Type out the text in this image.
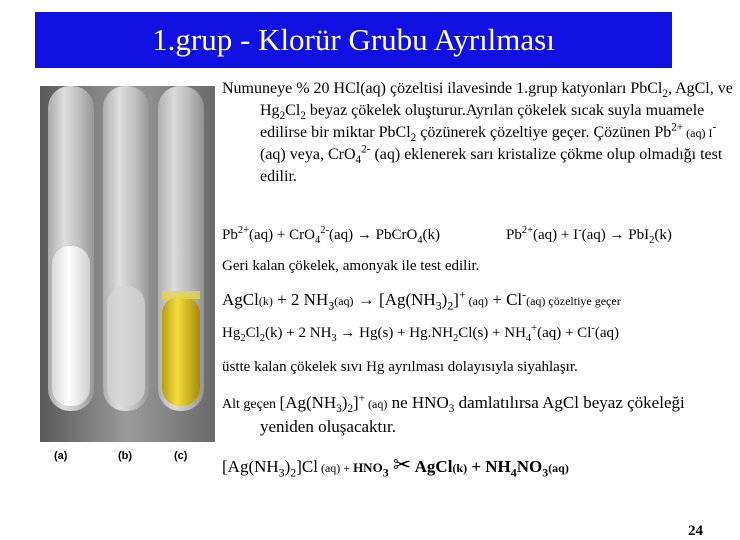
1.grup - Klorür Grubu Ayrılması
(a)	(b)	(c)
Numuneye % 20 HCl(aq) çözeltisi ilavesinde 1.grup katyonları PbCl$_2$, AgCl, ve $Hg_2Cl_2$ beyaz çökelek oluşturur.Ayrılan çökelek sıcak suyla muamele edilirse bir miktar PbCl$_2$ çözünerek çözeltiye geçer. Çözünen $Pb^{2+}$ (aq) I- (aq) veya, CrO$_4^{2-}$ (aq) eklenerek sarı kristalize çökme olup olmadığı test edilir.
$Pb^{2+}(aq) + CrO_4^{2-}(aq)$ → PbCrO$_4$(k)	$Pb^{2+}(aq) + I^-(aq) \to PbI_2(k)$
Geri kalan çökelek, amonyak ile test edilir.
AgCl(k) + 2 $NH_3(aq) \to [Ag(NH_3)_2]^+$ (aq) + Cl-(aq) çözeltiye geçer
$Hg_2Cl_2(k) + 2$ $NH_3 \to Hg(s) + Hg.NH_2Cl(s) + NH_4^+(aq) + Cl^-(aq)$
üstte kalan çökelek sıvı Hg ayrılması dolayısıyla siyahlaşır.
Alt geçen $[Ag(NH_3)_2]^+$ (aq) ne $HNO_3$ damlatılırsa AgCl beyaz çökeleği yeniden oluşacaktır.
$[Ag(NH_3)_2]Cl$ $(aq) + HNO_3$ ✂ AgCl(k) + $NH_4NO_3(aq)$
24
